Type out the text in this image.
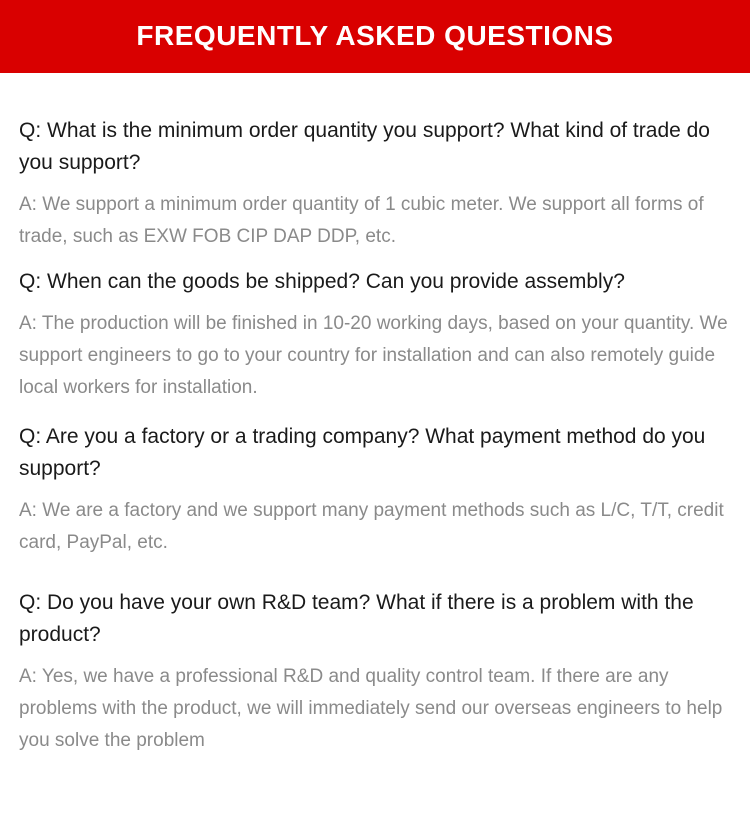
FREQUENTLY ASKED QUESTIONS

Q: What is the minimum order quantity you support? What kind of trade do you support?

A: We support a minimum order quantity of 1 cubic meter. We support all forms of trade, such as EXW FOB CIP DAP DDP, etc.

Q: When can the goods be shipped? Can you provide assembly?

A: The production will be finished in 10-20 working days, based on your quantity. We support engineers to go to your country for installation and can also remotely guide local workers for installation.

Q: Are you a factory or a trading company? What payment method do you support?

A: We are a factory and we support many payment methods such as L/C, T/T, credit card, PayPal, etc.

Q: Do you have your own R&D team? What if there is a problem with the product?

A: Yes, we have a professional R&D and quality control team. If there are any problems with the product, we will immediately send our overseas engineers to help you solve the problem
